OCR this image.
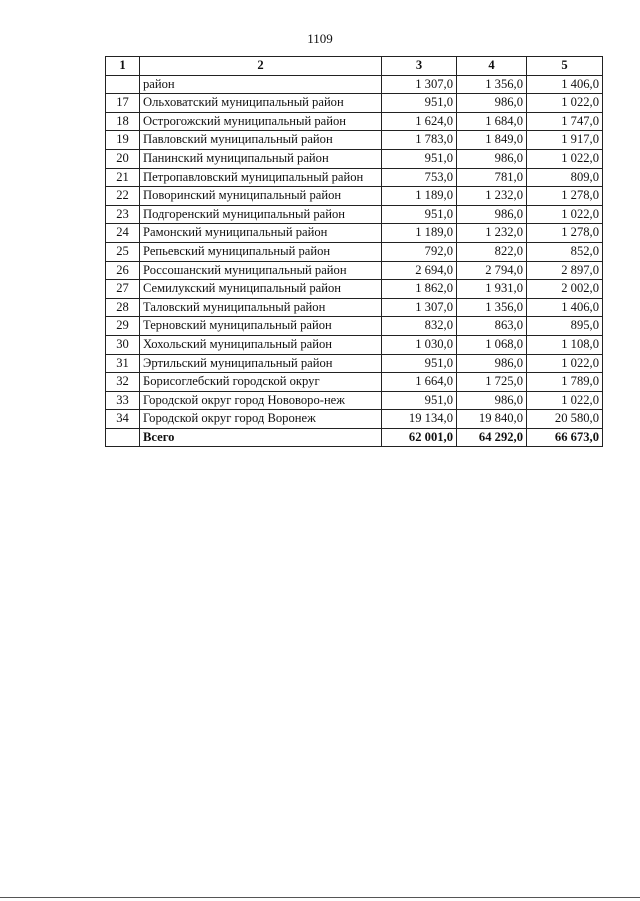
1109
1	2	3	4	5
	район	1 307,0	1 356,0	1 406,0
17	Ольховатский муниципальный район	951,0	986,0	1 022,0
18	Острогожский муниципальный район	1 624,0	1 684,0	1 747,0
19	Павловский муниципальный район	1 783,0	1 849,0	1 917,0
20	Панинский муниципальный район	951,0	986,0	1 022,0
21	Петропавловский муниципальный район	753,0	781,0	809,0
22	Поворинский муниципальный район	1 189,0	1 232,0	1 278,0
23	Подгоренский муниципальный район	951,0	986,0	1 022,0
24	Рамонский муниципальный район	1 189,0	1 232,0	1 278,0
25	Репьевский муниципальный район	792,0	822,0	852,0
26	Россошанский муниципальный район	2 694,0	2 794,0	2 897,0
27	Семилукский муниципальный район	1 862,0	1 931,0	2 002,0
28	Таловский муниципальный район	1 307,0	1 356,0	1 406,0
29	Терновский муниципальный район	832,0	863,0	895,0
30	Хохольский муниципальный район	1 030,0	1 068,0	1 108,0
31	Эртильский муниципальный район	951,0	986,0	1 022,0
32	Борисоглебский городской округ	1 664,0	1 725,0	1 789,0
33	Городской округ город Нововоро-неж	951,0	986,0	1 022,0
34	Городской округ город Воронеж	19 134,0	19 840,0	20 580,0
	Всего	62 001,0	64 292,0	66 673,0
